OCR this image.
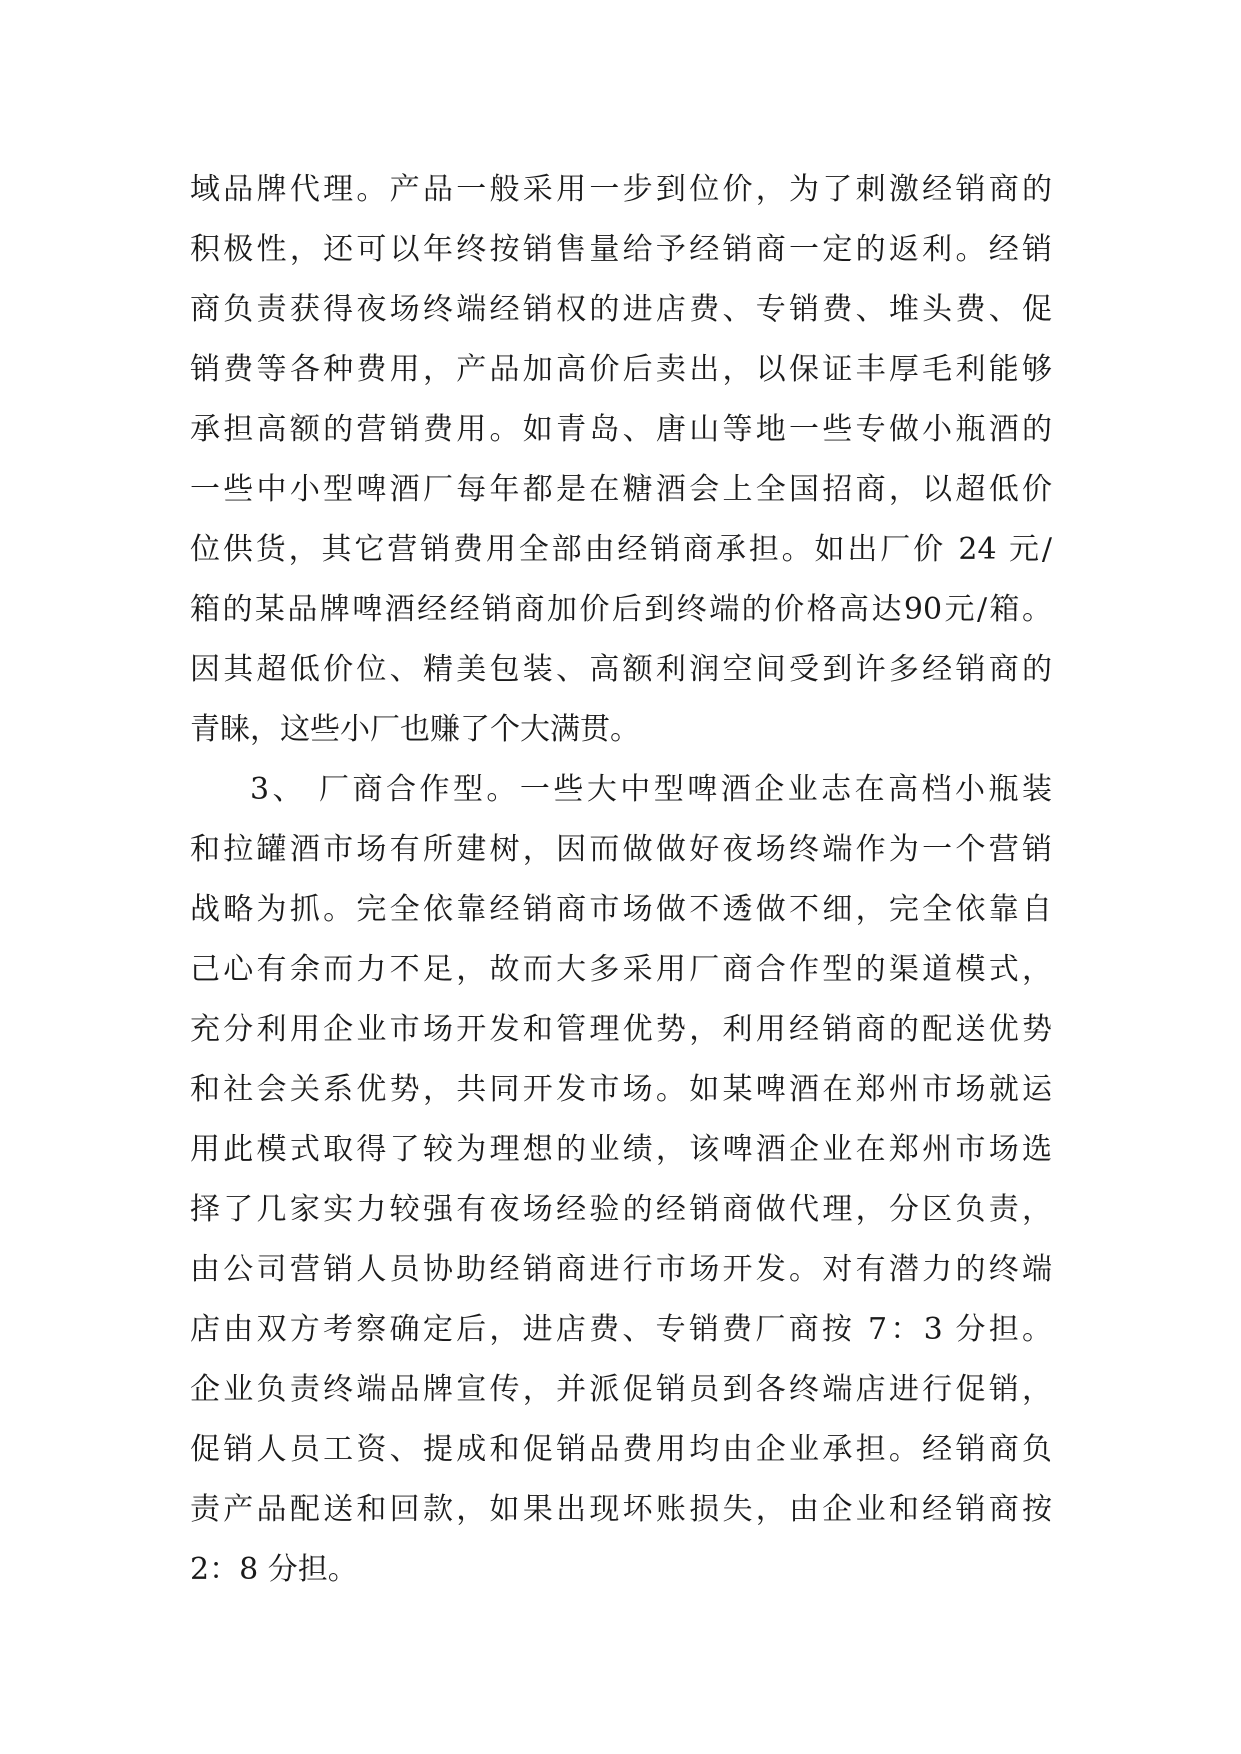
域品牌代理。产品一般采用一步到位价，为了刺激经销商的
积极性，还可以年终按销售量给予经销商一定的返利。经销
商负责获得夜场终端经销权的进店费、专销费、堆头费、促
销费等各种费用，产品加高价后卖出，以保证丰厚毛利能够
承担高额的营销费用。如青岛、唐山等地一些专做小瓶酒的
一些中小型啤酒厂每年都是在糖酒会上全国招商，以超低价
位供货，其它营销费用全部由经销商承担。如出厂价 24 元/
箱的某品牌啤酒经经销商加价后到终端的价格高达90元/箱。
因其超低价位、精美包装、高额利润空间受到许多经销商的
青睐，这些小厂也赚了个大满贯。
3、 厂商合作型。一些大中型啤酒企业志在高档小瓶装
和拉罐酒市场有所建树，因而做做好夜场终端作为一个营销
战略为抓。完全依靠经销商市场做不透做不细，完全依靠自
己心有余而力不足，故而大多采用厂商合作型的渠道模式，
充分利用企业市场开发和管理优势，利用经销商的配送优势
和社会关系优势，共同开发市场。如某啤酒在郑州市场就运
用此模式取得了较为理想的业绩，该啤酒企业在郑州市场选
择了几家实力较强有夜场经验的经销商做代理，分区负责，
由公司营销人员协助经销商进行市场开发。对有潜力的终端
店由双方考察确定后，进店费、专销费厂商按 7：3 分担。
企业负责终端品牌宣传，并派促销员到各终端店进行促销，
促销人员工资、提成和促销品费用均由企业承担。经销商负
责产品配送和回款，如果出现坏账损失，由企业和经销商按
2：8 分担。
